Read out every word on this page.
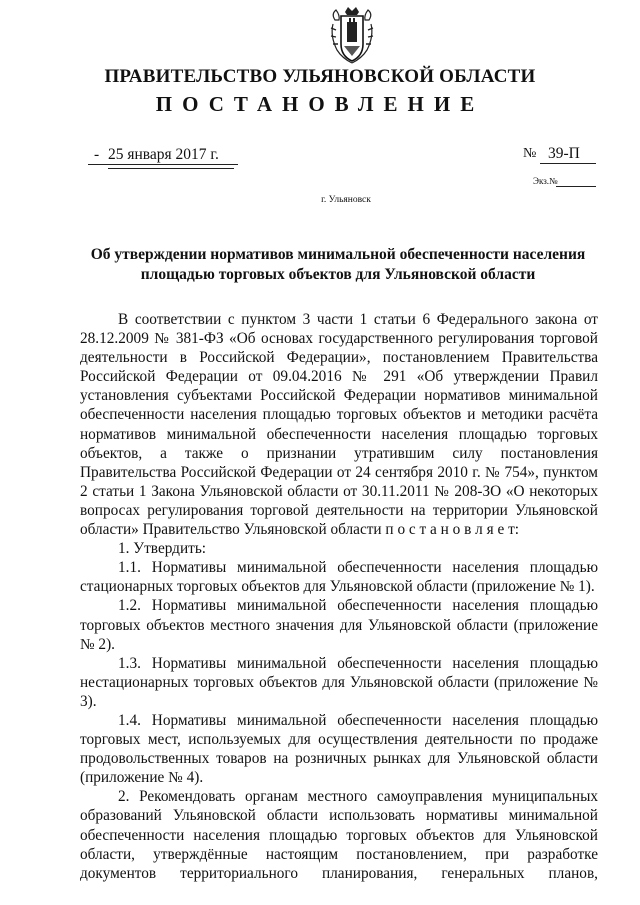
ПРАВИТЕЛЬСТВО УЛЬЯНОВСКОЙ ОБЛАСТИ
ПОСТАНОВЛЕНИЕ
- 25 января 2017 г.	№ 39-П
Экз.№
г. Ульяновск
Об утверждении нормативов минимальной обеспеченности населения площадью торговых объектов для Ульяновской области

В соответствии с пунктом 3 части 1 статьи 6 Федерального закона от 28.12.2009 № 381-ФЗ «Об основах государственного регулирования торговой деятельности в Российской Федерации», постановлением Правительства Российской Федерации от 09.04.2016 № 291 «Об утверждении Правил установления субъектами Российской Федерации нормативов минимальной обеспеченности населения площадью торговых объектов и методики расчёта нормативов минимальной обеспеченности населения площадью торговых объектов, а также о признании утратившим силу постановления Правительства Российской Федерации от 24 сентября 2010 г. № 754», пунктом 2 статьи 1 Закона Ульяновской области от 30.11.2011 № 208-ЗО «О некоторых вопросах регулирования торговой деятельности на территории Ульяновской области» Правительство Ульяновской области п о с т а н о в л я е т:

1. Утвердить:

1.1. Нормативы минимальной обеспеченности населения площадью стационарных торговых объектов для Ульяновской области (приложение № 1).

1.2. Нормативы минимальной обеспеченности населения площадью торговых объектов местного значения для Ульяновской области (приложение № 2).

1.3. Нормативы минимальной обеспеченности населения площадью нестационарных торговых объектов для Ульяновской области (приложение № 3).

1.4. Нормативы минимальной обеспеченности населения площадью торговых мест, используемых для осуществления деятельности по продаже продовольственных товаров на розничных рынках для Ульяновской области (приложение № 4).

2. Рекомендовать органам местного самоуправления муниципальных образований Ульяновской области использовать нормативы минимальной обеспеченности населения площадью торговых объектов для Ульяновской области, утверждённые настоящим постановлением, при разработке документов территориального планирования, генеральных планов,
